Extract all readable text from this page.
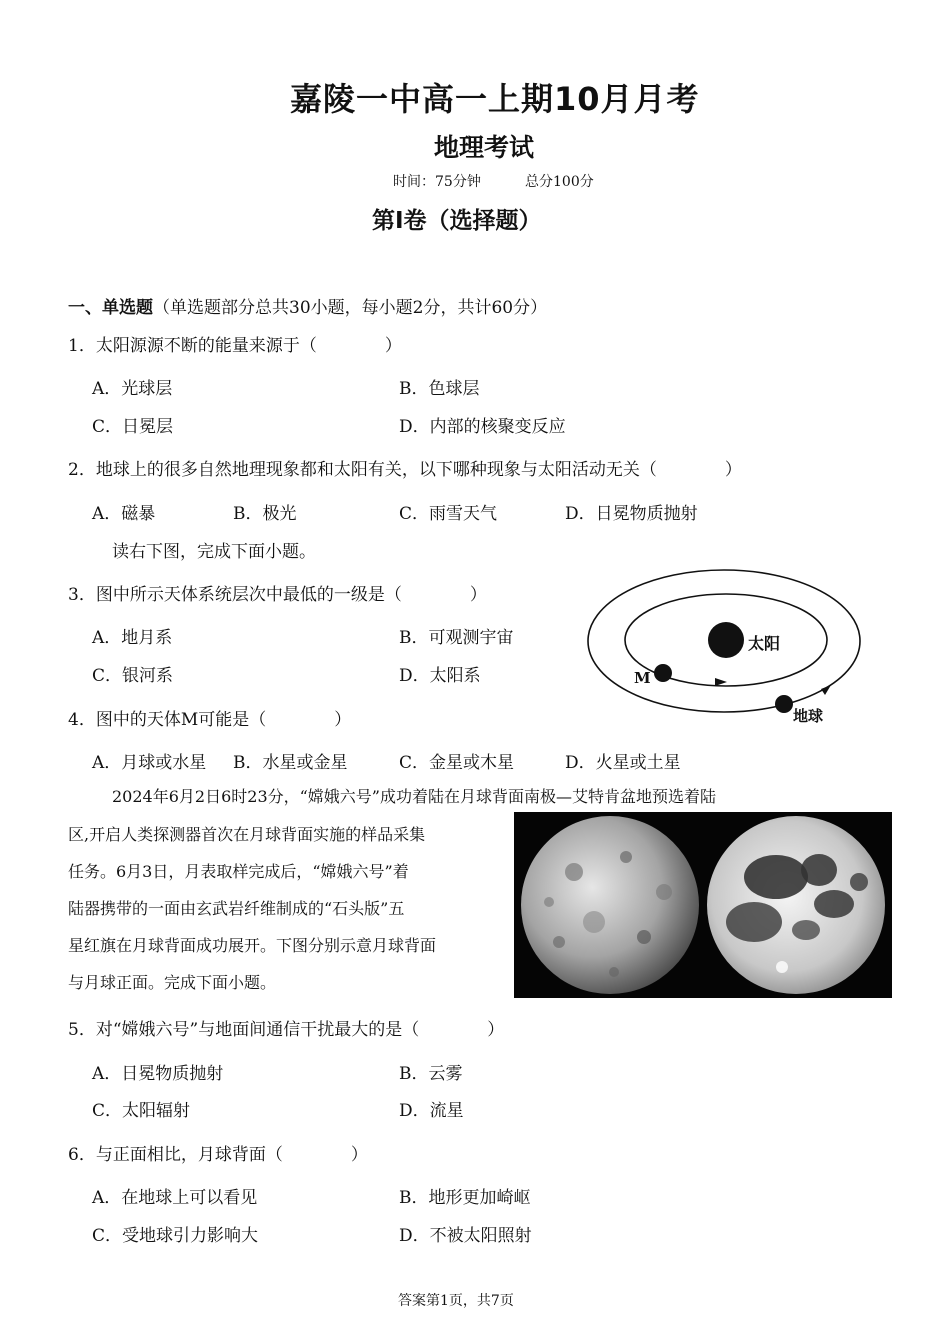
嘉陵一中高一上期10月月考
地理考试
时间：75分钟	总分100分
第Ⅰ卷（选择题）
一、单选题（单选题部分总共30小题，每小题2分，共计60分）
1．太阳源源不断的能量来源于（　　　　）
A．光球层	B．色球层
C．日冕层	D．内部的核聚变反应
2．地球上的很多自然地理现象都和太阳有关，以下哪种现象与太阳活动无关（　　　　）
A．磁暴	B．极光	C．雨雪天气	D．日冕物质抛射
读右下图，完成下面小题。
3．图中所示天体系统层次中最低的一级是（　　　　）
A．地月系	B．可观测宇宙
C．银河系	D．太阳系
太阳
M
地球
4．图中的天体M可能是（　　　　）
A．月球或水星 B．水星或金星	C．金星或木星	D．火星或土星
2024年6月2日6时23分，“嫦娥六号”成功着陆在月球背面南极—艾特肯盆地预选着陆
区,开启人类探测器首次在月球背面实施的样品采集
任务。6月3日，月表取样完成后，“嫦娥六号”着
陆器携带的一面由玄武岩纤维制成的“石头版”五
星红旗在月球背面成功展开。下图分别示意月球背面
与月球正面。完成下面小题。
5．对“嫦娥六号”与地面间通信干扰最大的是（　　　　）
A．日冕物质抛射	B．云雾
C．太阳辐射	D．流星
6．与正面相比，月球背面（　　　　）
A．在地球上可以看见	B．地形更加崎岖
C．受地球引力影响大	D．不被太阳照射
答案第1页，共7页
